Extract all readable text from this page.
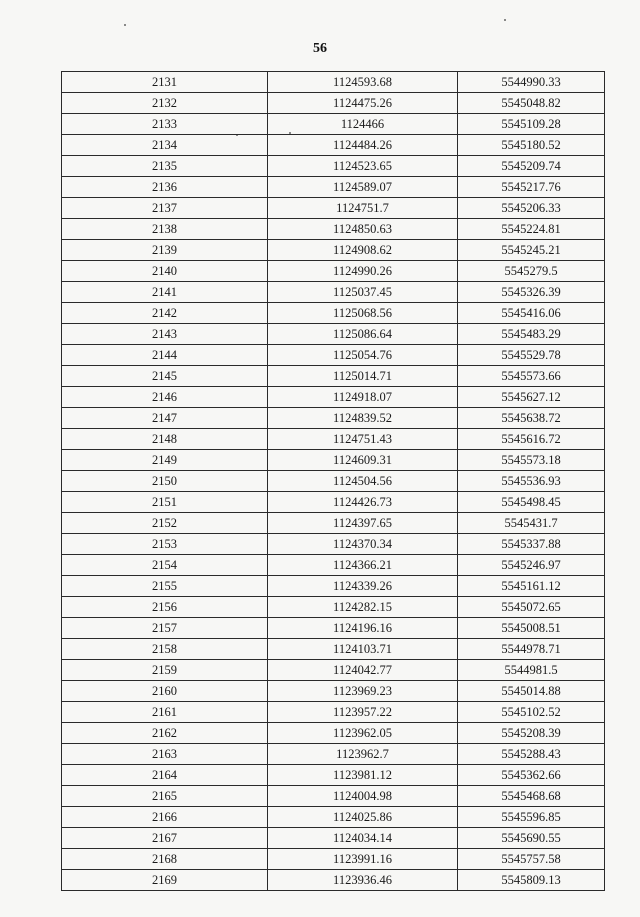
56
2131	1124593.68	5544990.33
2132	1124475.26	5545048.82
2133	1124466	5545109.28
2134	1124484.26	5545180.52
2135	1124523.65	5545209.74
2136	1124589.07	5545217.76
2137	1124751.7	5545206.33
2138	1124850.63	5545224.81
2139	1124908.62	5545245.21
2140	1124990.26	5545279.5
2141	1125037.45	5545326.39
2142	1125068.56	5545416.06
2143	1125086.64	5545483.29
2144	1125054.76	5545529.78
2145	1125014.71	5545573.66
2146	1124918.07	5545627.12
2147	1124839.52	5545638.72
2148	1124751.43	5545616.72
2149	1124609.31	5545573.18
2150	1124504.56	5545536.93
2151	1124426.73	5545498.45
2152	1124397.65	5545431.7
2153	1124370.34	5545337.88
2154	1124366.21	5545246.97
2155	1124339.26	5545161.12
2156	1124282.15	5545072.65
2157	1124196.16	5545008.51
2158	1124103.71	5544978.71
2159	1124042.77	5544981.5
2160	1123969.23	5545014.88
2161	1123957.22	5545102.52
2162	1123962.05	5545208.39
2163	1123962.7	5545288.43
2164	1123981.12	5545362.66
2165	1124004.98	5545468.68
2166	1124025.86	5545596.85
2167	1124034.14	5545690.55
2168	1123991.16	5545757.58
2169	1123936.46	5545809.13
